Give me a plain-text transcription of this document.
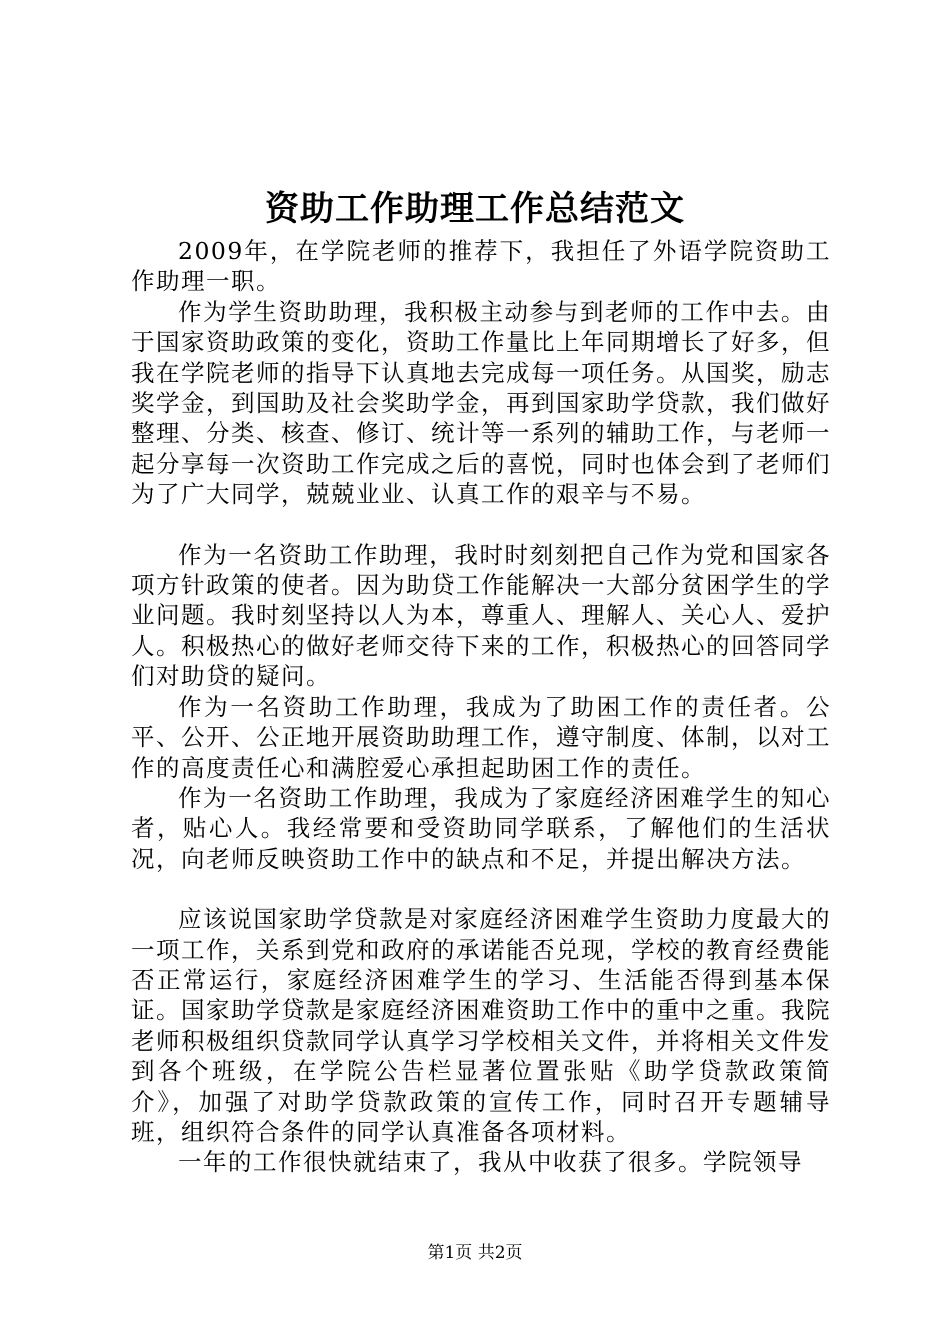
资助工作助理工作总结范文

2009年，在学院老师的推荐下，我担任了外语学院资助工作助理一职。

作为学生资助助理，我积极主动参与到老师的工作中去。由于国家资助政策的变化，资助工作量比上年同期增长了好多，但我在学院老师的指导下认真地去完成每一项任务。从国奖，励志奖学金，到国助及社会奖助学金，再到国家助学贷款，我们做好整理、分类、核查、修订、统计等一系列的辅助工作，与老师一起分享每一次资助工作完成之后的喜悦，同时也体会到了老师们为了广大同学，兢兢业业、认真工作的艰辛与不易。

作为一名资助工作助理，我时时刻刻把自己作为党和国家各项方针政策的使者。因为助贷工作能解决一大部分贫困学生的学业问题。我时刻坚持以人为本，尊重人、理解人、关心人、爱护人。积极热心的做好老师交待下来的工作，积极热心的回答同学们对助贷的疑问。

作为一名资助工作助理，我成为了助困工作的责任者。公平、公开、公正地开展资助助理工作，遵守制度、体制，以对工作的高度责任心和满腔爱心承担起助困工作的责任。

作为一名资助工作助理，我成为了家庭经济困难学生的知心者，贴心人。我经常要和受资助同学联系，了解他们的生活状况，向老师反映资助工作中的缺点和不足，并提出解决方法。

应该说国家助学贷款是对家庭经济困难学生资助力度最大的一项工作，关系到党和政府的承诺能否兑现，学校的教育经费能否正常运行，家庭经济困难学生的学习、生活能否得到基本保证。国家助学贷款是家庭经济困难资助工作中的重中之重。我院老师积极组织贷款同学认真学习学校相关文件，并将相关文件发到各个班级，在学院公告栏显著位置张贴《助学贷款政策简介》，加强了对助学贷款政策的宣传工作，同时召开专题辅导班，组织符合条件的同学认真准备各项材料。

一年的工作很快就结束了，我从中收获了很多。学院领导

第1页 共2页
